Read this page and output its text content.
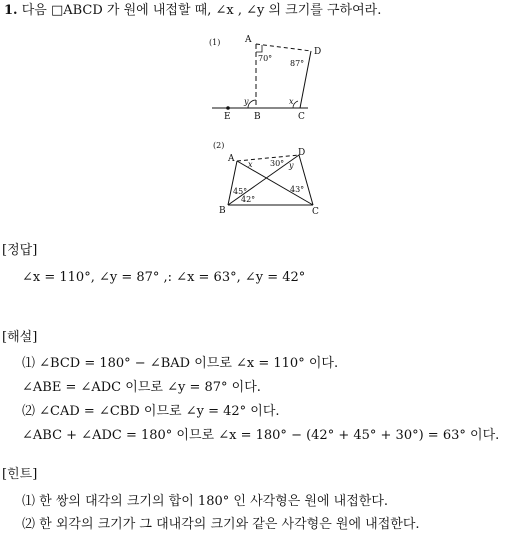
1. 다음 □ABCD 가 원에 내접할 때, ∠x , ∠y 의 크기를 구하여라.
(1)	A
D
E	B	C
70°
87°
y	x
(2)
A
D
B	C
x 30° y
45°
42°
43°
[정답]
∠x = 110°, ∠y = 87° ,: ∠x = 63°, ∠y = 42°
[해설]
⑴ ∠BCD = 180° − ∠BAD 이므로 ∠x = 110° 이다.
∠ABE = ∠ADC 이므로 ∠y = 87° 이다.
⑵ ∠CAD = ∠CBD 이므로 ∠y = 42° 이다.
∠ABC + ∠ADC = 180° 이므로 ∠x = 180° − (42° + 45° + 30°) = 63° 이다.
[힌트]
⑴ 한 쌍의 대각의 크기의 합이 180° 인 사각형은 원에 내접한다.
⑵ 한 외각의 크기가 그 대내각의 크기와 같은 사각형은 원에 내접한다.
